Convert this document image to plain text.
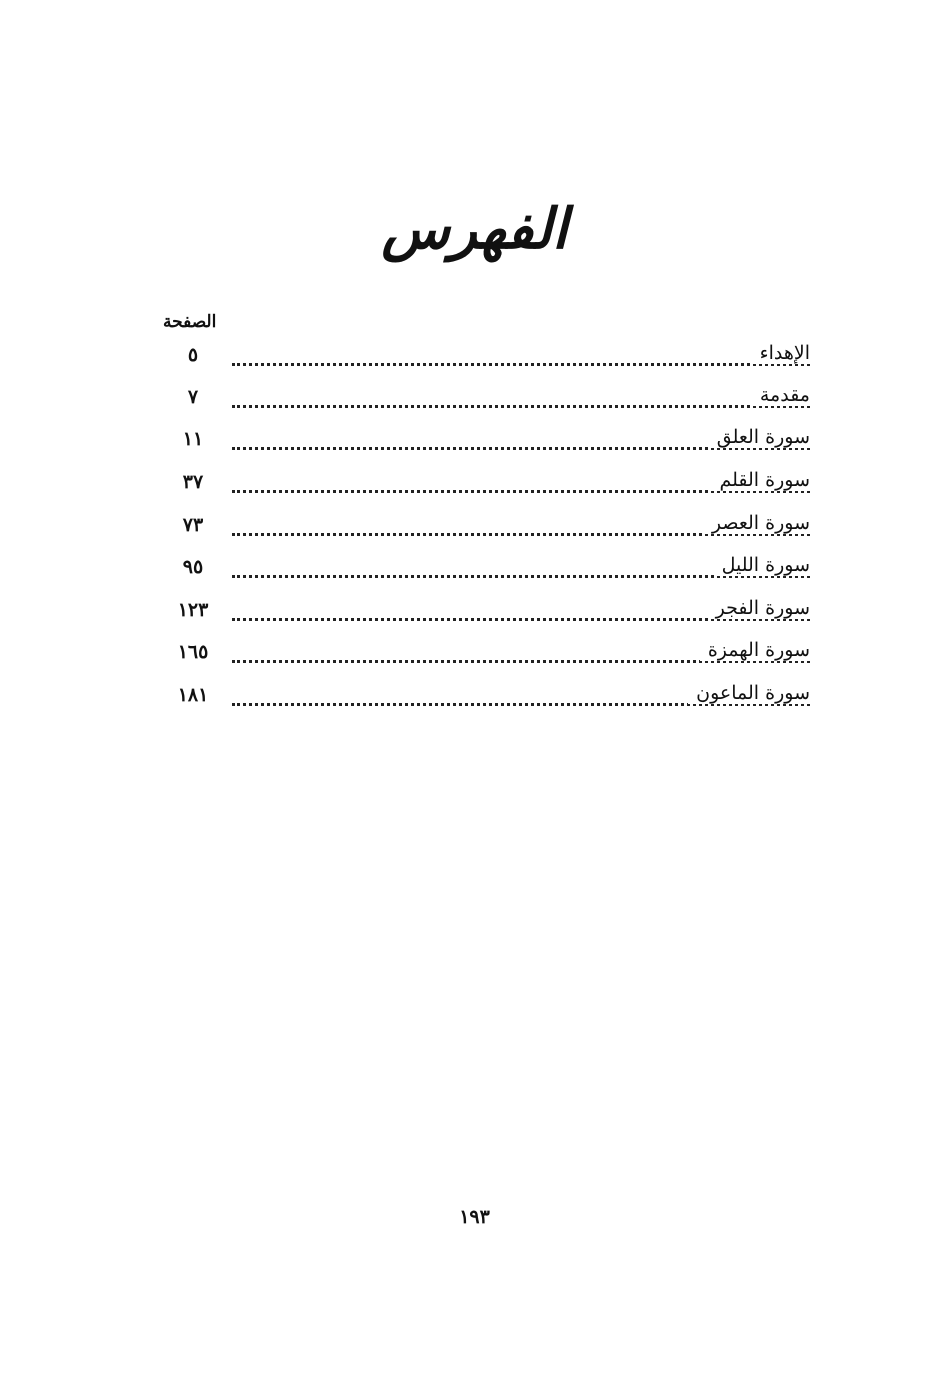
الفهرس
الصفحة
الإهداء
٥
مقدمة
٧
سورة العلق
١١
سورة القلم
٣٧
سورة العصر
٧٣
سورة الليل
٩٥
سورة الفجر
١٢٣
سورة الهمزة
١٦٥
سورة الماعون
١٨١
١٩٣
